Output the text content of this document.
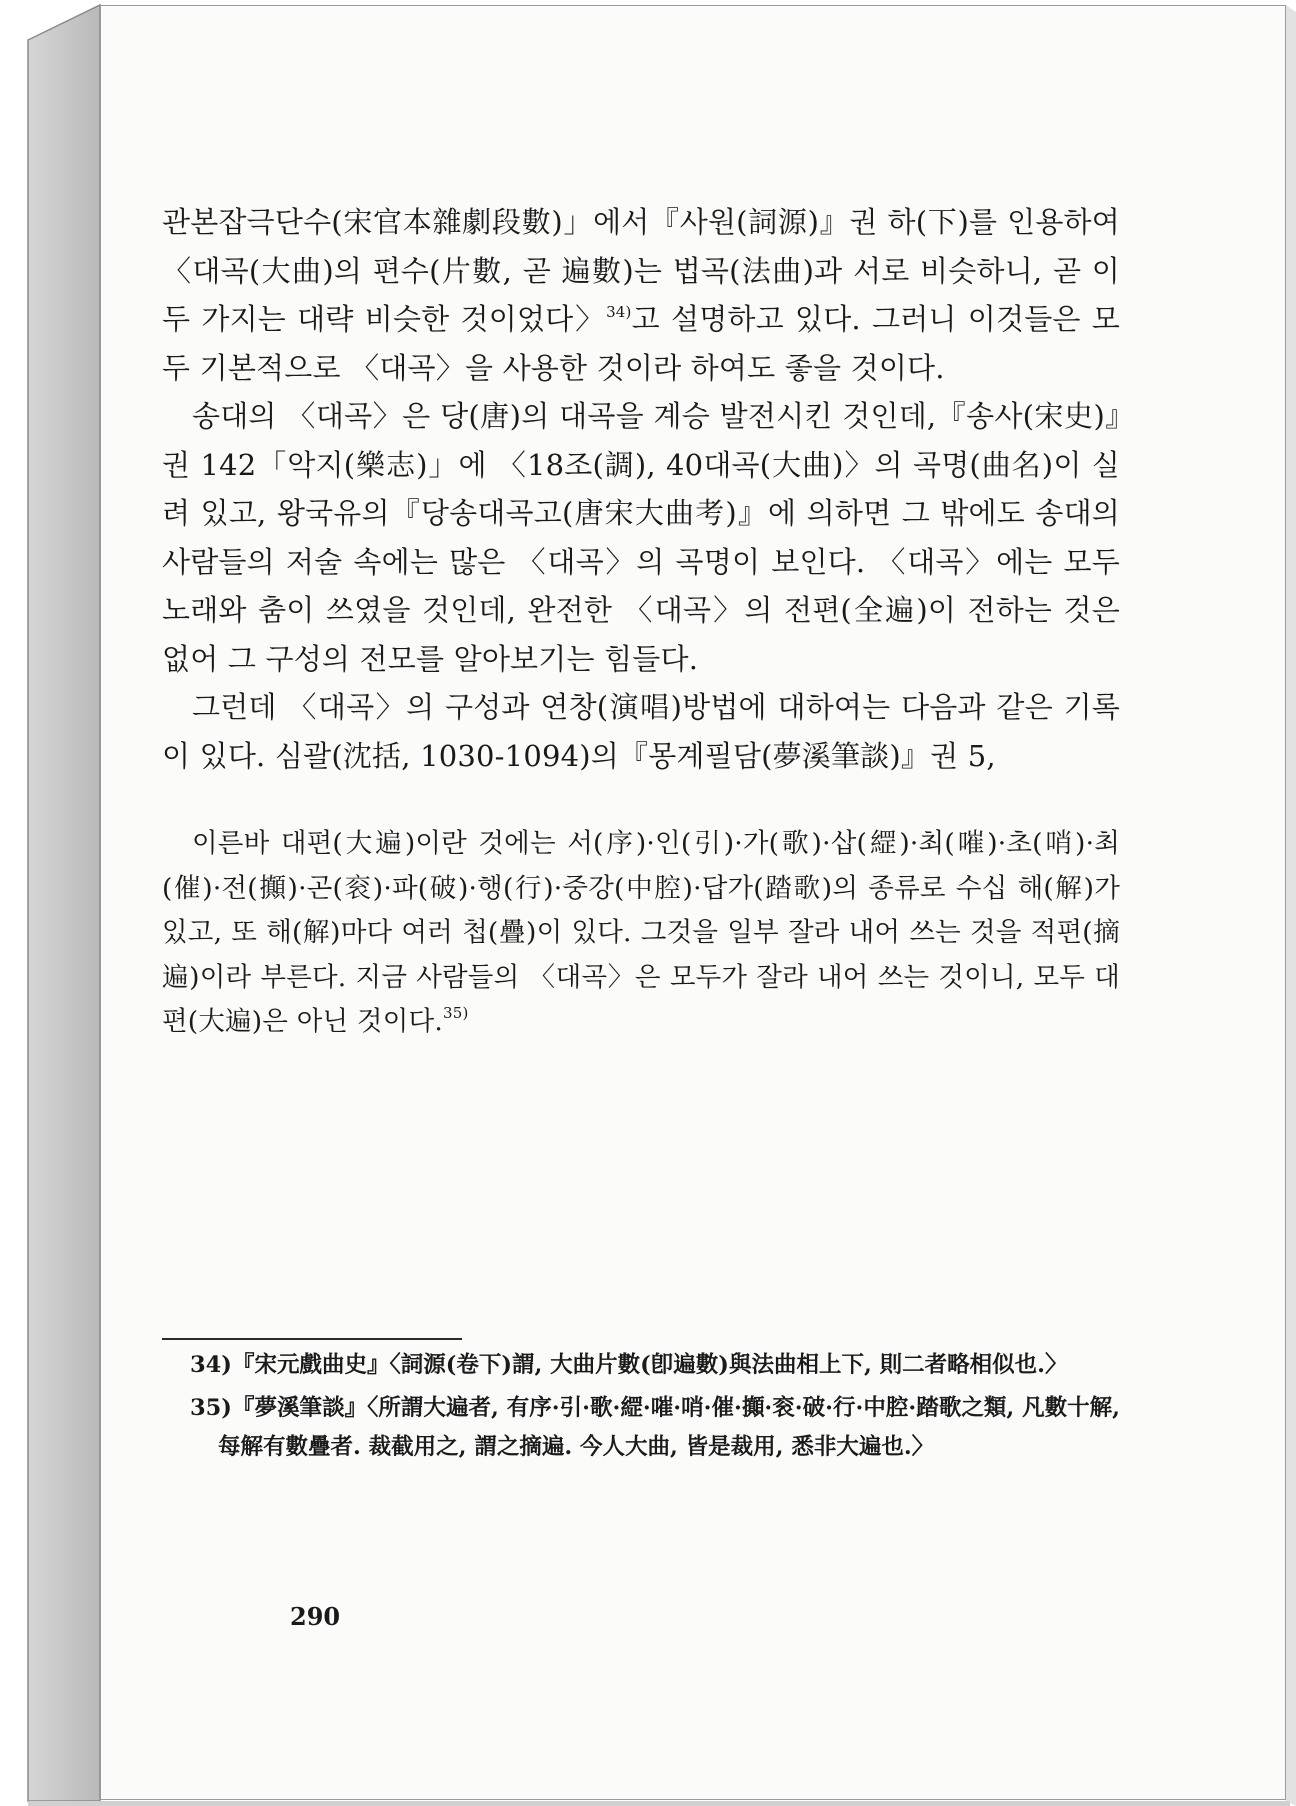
관본잡극단수(宋官本雜劇段數)」에서『사원(詞源)』권 하(下)를 인용하여 〈대곡(大曲)의 편수(片數, 곧 遍數)는 법곡(法曲)과 서로 비슷하니, 곧 이 두 가지는 대략 비슷한 것이었다〉$^{34)}$고 설명하고 있다. 그러니 이것들은 모두 기본적으로 〈대곡〉을 사용한 것이라 하여도 좋을 것이다.

송대의 〈대곡〉은 당(唐)의 대곡을 계승 발전시킨 것인데,『송사(宋史)』권 142「악지(樂志)」에 〈18조(調), 40대곡(大曲)〉의 곡명(曲名)이 실려 있고, 왕국유의『당송대곡고(唐宋大曲考)』에 의하면 그 밖에도 송대의 사람들의 저술 속에는 많은 〈대곡〉의 곡명이 보인다. 〈대곡〉에는 모두 노래와 춤이 쓰였을 것인데, 완전한 〈대곡〉의 전편(全遍)이 전하는 것은 없어 그 구성의 전모를 알아보기는 힘들다.

그런데 〈대곡〉의 구성과 연창(演唱)방법에 대하여는 다음과 같은 기록이 있다. 심괄(沈括, 1030-1094)의『몽계필담(夢溪筆談)』권 5,

이른바 대편(大遍)이란 것에는 서(序)·인(引)·가(歌)·삽(䌉)·최(嗺)·초(哨)·최(催)·전(攧)·곤(衮)·파(破)·행(行)·중강(中腔)·답가(踏歌)의 종류로 수십 해(解)가 있고, 또 해(解)마다 여러 첩(疊)이 있다. 그것을 일부 잘라 내어 쓰는 것을 적편(摘遍)이라 부른다. 지금 사람들의 〈대곡〉은 모두가 잘라 내어 쓰는 것이니, 모두 대편(大遍)은 아닌 것이다.$^{35)}$

34)『宋元戲曲史』〈詞源(卷下)謂, 大曲片數(卽遍數)與法曲相上下, 則二者略相似也.〉

35)『夢溪筆談』〈所謂大遍者, 有序·引·歌·䌉·嗺·哨·催·攧·衮·破·行·中腔·踏歌之類, 凡數十解, 每解有數疊者. 裁截用之, 謂之摘遍. 今人大曲, 皆是裁用, 悉非大遍也.〉

290
